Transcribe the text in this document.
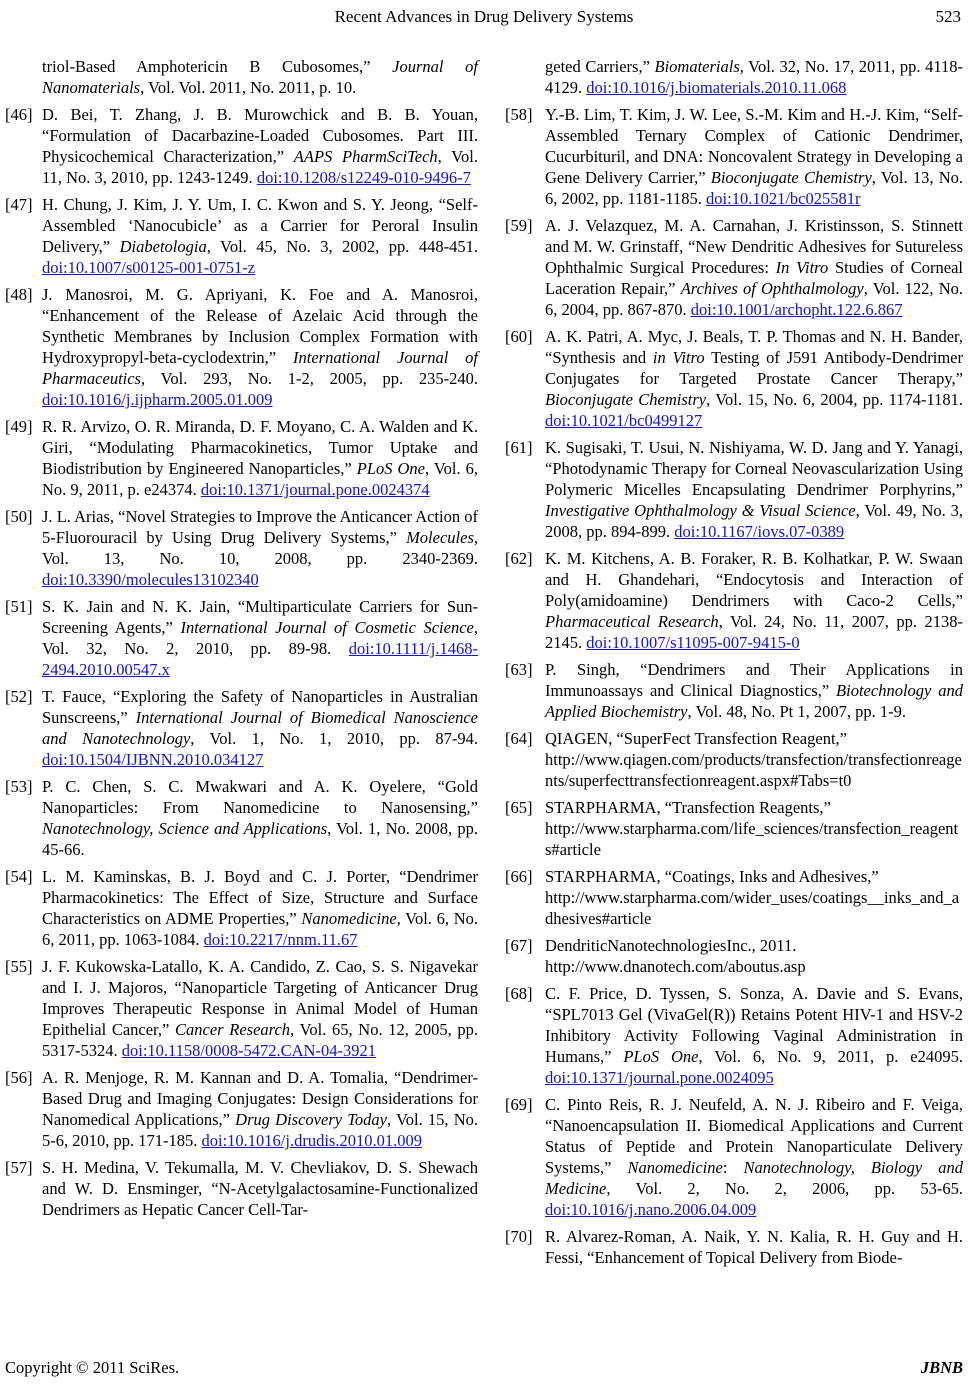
Recent Advances in Drug Delivery Systems	523
triol-Based Amphotericin B Cubosomes,” Journal of Nanomaterials, Vol. Vol. 2011, No. 2011, p. 10.
[46] D. Bei, T. Zhang, J. B. Murowchick and B. B. Youan, “Formulation of Dacarbazine-Loaded Cubosomes. Part III. Physicochemical Characterization,” AAPS PharmSciTech, Vol. 11, No. 3, 2010, pp. 1243-1249. doi:10.1208/s12249-010-9496-7
[47] H. Chung, J. Kim, J. Y. Um, I. C. Kwon and S. Y. Jeong, “Self-Assembled ‘Nanocubicle’ as a Carrier for Peroral Insulin Delivery,” Diabetologia, Vol. 45, No. 3, 2002, pp. 448-451. doi:10.1007/s00125-001-0751-z
[48] J. Manosroi, M. G. Apriyani, K. Foe and A. Manosroi, “Enhancement of the Release of Azelaic Acid through the Synthetic Membranes by Inclusion Complex Formation with Hydroxypropyl-beta-cyclodextrin,” International Journal of Pharmaceutics, Vol. 293, No. 1-2, 2005, pp. 235-240. doi:10.1016/j.ijpharm.2005.01.009
[49] R. R. Arvizo, O. R. Miranda, D. F. Moyano, C. A. Walden and K. Giri, “Modulating Pharmacokinetics, Tumor Uptake and Biodistribution by Engineered Nanoparticles,” PLoS One, Vol. 6, No. 9, 2011, p. e24374. doi:10.1371/journal.pone.0024374
[50] J. L. Arias, “Novel Strategies to Improve the Anticancer Action of 5-Fluorouracil by Using Drug Delivery Systems,” Molecules, Vol. 13, No. 10, 2008, pp. 2340-2369. doi:10.3390/molecules13102340
[51] S. K. Jain and N. K. Jain, “Multiparticulate Carriers for Sun-Screening Agents,” International Journal of Cosmetic Science, Vol. 32, No. 2, 2010, pp. 89-98. doi:10.1111/j.1468-2494.2010.00547.x
[52] T. Fauce, “Exploring the Safety of Nanoparticles in Australian Sunscreens,” International Journal of Biomedical Nanoscience and Nanotechnology, Vol. 1, No. 1, 2010, pp. 87-94. doi:10.1504/IJBNN.2010.034127
[53] P. C. Chen, S. C. Mwakwari and A. K. Oyelere, “Gold Nanoparticles: From Nanomedicine to Nanosensing,” Nanotechnology, Science and Applications, Vol. 1, No. 2008, pp. 45-66.
[54] L. M. Kaminskas, B. J. Boyd and C. J. Porter, “Dendrimer Pharmacokinetics: The Effect of Size, Structure and Surface Characteristics on ADME Properties,” Nanomedicine, Vol. 6, No. 6, 2011, pp. 1063-1084. doi:10.2217/nnm.11.67
[55] J. F. Kukowska-Latallo, K. A. Candido, Z. Cao, S. S. Nigavekar and I. J. Majoros, “Nanoparticle Targeting of Anticancer Drug Improves Therapeutic Response in Animal Model of Human Epithelial Cancer,” Cancer Research, Vol. 65, No. 12, 2005, pp. 5317-5324. doi:10.1158/0008-5472.CAN-04-3921
[56] A. R. Menjoge, R. M. Kannan and D. A. Tomalia, “Dendrimer-Based Drug and Imaging Conjugates: Design Considerations for Nanomedical Applications,” Drug Discovery Today, Vol. 15, No. 5-6, 2010, pp. 171-185. doi:10.1016/j.drudis.2010.01.009
[57] S. H. Medina, V. Tekumalla, M. V. Chevliakov, D. S. Shewach and W. D. Ensminger, “N-Acetylgalactosamine-Functionalized Dendrimers as Hepatic Cancer Cell-Tar-
geted Carriers,” Biomaterials, Vol. 32, No. 17, 2011, pp. 4118- 4129. doi:10.1016/j.biomaterials.2010.11.068
[58] Y.-B. Lim, T. Kim, J. W. Lee, S.-M. Kim and H.-J. Kim, “Self-Assembled Ternary Complex of Cationic Dendrimer, Cucurbituril, and DNA: Noncovalent Strategy in Developing a Gene Delivery Carrier,” Bioconjugate Chemistry, Vol. 13, No. 6, 2002, pp. 1181-1185. doi:10.1021/bc025581r
[59] A. J. Velazquez, M. A. Carnahan, J. Kristinsson, S. Stinnett and M. W. Grinstaff, “New Dendritic Adhesives for Sutureless Ophthalmic Surgical Procedures: In Vitro Studies of Corneal Laceration Repair,” Archives of Ophthalmology, Vol. 122, No. 6, 2004, pp. 867-870. doi:10.1001/archopht.122.6.867
[60] A. K. Patri, A. Myc, J. Beals, T. P. Thomas and N. H. Bander, “Synthesis and in Vitro Testing of J591 Antibody-Dendrimer Conjugates for Targeted Prostate Cancer Therapy,” Bioconjugate Chemistry, Vol. 15, No. 6, 2004, pp. 1174-1181. doi:10.1021/bc0499127
[61] K. Sugisaki, T. Usui, N. Nishiyama, W. D. Jang and Y. Yanagi, “Photodynamic Therapy for Corneal Neovascularization Using Polymeric Micelles Encapsulating Dendrimer Porphyrins,” Investigative Ophthalmology & Visual Science, Vol. 49, No. 3, 2008, pp. 894-899. doi:10.1167/iovs.07-0389
[62] K. M. Kitchens, A. B. Foraker, R. B. Kolhatkar, P. W. Swaan and H. Ghandehari, “Endocytosis and Interaction of Poly(amidoamine) Dendrimers with Caco-2 Cells,” Pharmaceutical Research, Vol. 24, No. 11, 2007, pp. 2138-2145. doi:10.1007/s11095-007-9415-0
[63] P. Singh, “Dendrimers and Their Applications in Immunoassays and Clinical Diagnostics,” Biotechnology and Applied Biochemistry, Vol. 48, No. Pt 1, 2007, pp. 1-9.
[64] QIAGEN, “SuperFect Transfection Reagent,”
http://www.qiagen.com/products/transfection/transfectionreagents/superfecttransfectionreagent.aspx#Tabs=t0
[65] STARPHARMA, “Transfection Reagents,”
http://www.starpharma.com/life_sciences/transfection_reagents#article
[66] STARPHARMA, “Coatings, Inks and Adhesives,”
http://www.starpharma.com/wider_uses/coatings__inks_and_adhesives#article
[67] DendriticNanotechnologiesInc., 2011.
http://www.dnanotech.com/aboutus.asp
[68] C. F. Price, D. Tyssen, S. Sonza, A. Davie and S. Evans, “SPL7013 Gel (VivaGel(R)) Retains Potent HIV-1 and HSV-2 Inhibitory Activity Following Vaginal Administration in Humans,” PLoS One, Vol. 6, No. 9, 2011, p. e24095. doi:10.1371/journal.pone.0024095
[69] C. Pinto Reis, R. J. Neufeld, A. N. J. Ribeiro and F. Veiga, “Nanoencapsulation II. Biomedical Applications and Current Status of Peptide and Protein Nanoparticulate Delivery Systems,” Nanomedicine: Nanotechnology, Biology and Medicine, Vol. 2, No. 2, 2006, pp. 53-65. doi:10.1016/j.nano.2006.04.009
[70] R. Alvarez-Roman, A. Naik, Y. N. Kalia, R. H. Guy and H. Fessi, “Enhancement of Topical Delivery from Biode-
Copyright © 2011 SciRes.	JBNB
